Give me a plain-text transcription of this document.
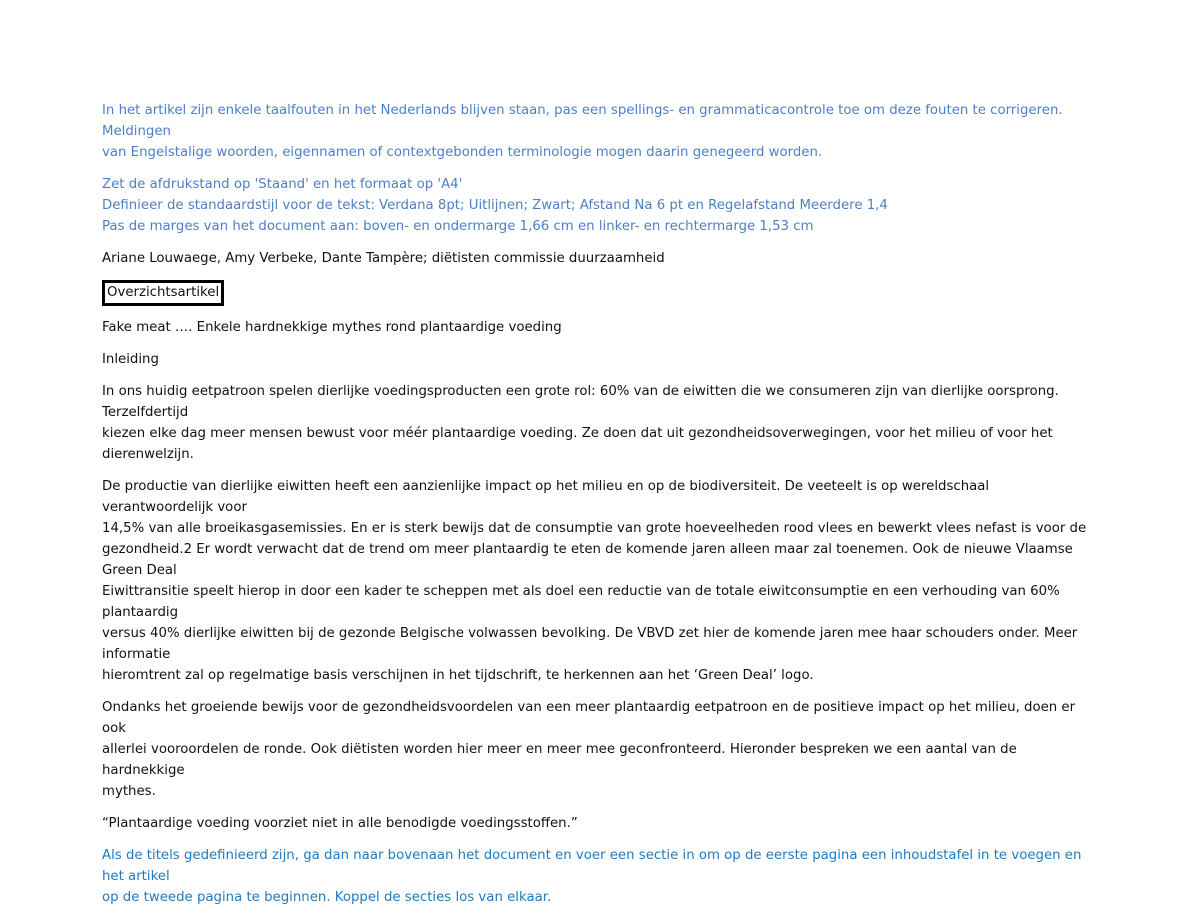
In het artikel zijn enkele taalfouten in het Nederlands blijven staan, pas een spellings- en grammaticacontrole toe om deze fouten te corrigeren. Meldingen
van Engelstalige woorden, eigennamen of contextgebonden terminologie mogen daarin genegeerd worden.

Zet de afdrukstand op 'Staand' en het formaat op 'A4'
Definieer de standaardstijl voor de tekst: Verdana 8pt; Uitlijnen; Zwart; Afstand Na 6 pt en Regelafstand Meerdere 1,4
Pas de marges van het document aan: boven- en ondermarge 1,66 cm en linker- en rechtermarge 1,53 cm

Ariane Louwaege, Amy Verbeke, Dante Tampère; diëtisten commissie duurzaamheid

Overzichtsartikel

Fake meat …. Enkele hardnekkige mythes rond plantaardige voeding

Inleiding

In ons huidig eetpatroon spelen dierlijke voedingsproducten een grote rol: 60% van de eiwitten die we consumeren zijn van dierlijke oorsprong. Terzelfdertijd
kiezen elke dag meer mensen bewust voor méér plantaardige voeding. Ze doen dat uit gezondheidsoverwegingen, voor het milieu of voor het dierenwelzijn.

De productie van dierlijke eiwitten heeft een aanzienlijke impact op het milieu en op de biodiversiteit. De veeteelt is op wereldschaal verantwoordelijk voor
14,5% van alle broeikasgasemissies. En er is sterk bewijs dat de consumptie van grote hoeveelheden rood vlees en bewerkt vlees nefast is voor de
gezondheid.2 Er wordt verwacht dat de trend om meer plantaardig te eten de komende jaren alleen maar zal toenemen. Ook de nieuwe Vlaamse Green Deal
Eiwittransitie speelt hierop in door een kader te scheppen met als doel een reductie van de totale eiwitconsumptie en een verhouding van 60% plantaardig
versus 40% dierlijke eiwitten bij de gezonde Belgische volwassen bevolking. De VBVD zet hier de komende jaren mee haar schouders onder. Meer informatie
hieromtrent zal op regelmatige basis verschijnen in het tijdschrift, te herkennen aan het ‘Green Deal’ logo.

Ondanks het groeiende bewijs voor de gezondheidsvoordelen van een meer plantaardig eetpatroon en de positieve impact op het milieu, doen er ook
allerlei vooroordelen de ronde. Ook diëtisten worden hier meer en meer mee geconfronteerd. Hieronder bespreken we een aantal van de hardnekkige
mythes.

“Plantaardige voeding voorziet niet in alle benodigde voedingsstoffen.”

Als de titels gedefinieerd zijn, ga dan naar bovenaan het document en voer een sectie in om op de eerste pagina een inhoudstafel in te voegen en het artikel
op de tweede pagina te beginnen. Koppel de secties los van elkaar.
